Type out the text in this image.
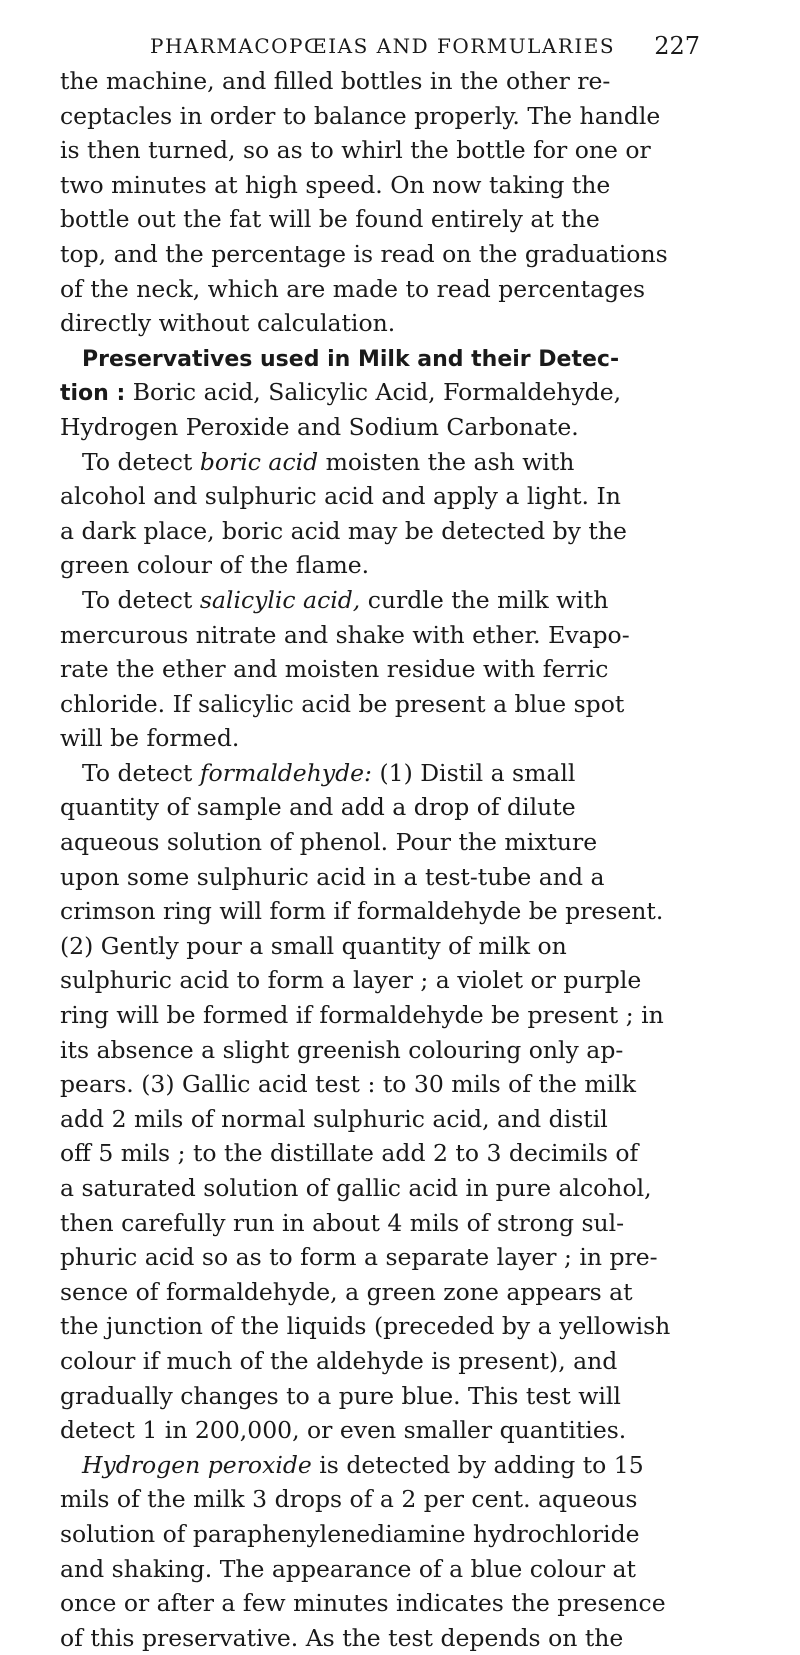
PHARMACOPŒIAS AND FORMULARIES 227
the machine, and filled bottles in the other re-
ceptacles in order to balance properly. The handle
is then turned, so as to whirl the bottle for one or
two minutes at high speed. On now taking the
bottle out the fat will be found entirely at the
top, and the percentage is read on the graduations
of the neck, which are made to read percentages
directly without calculation.
Preservatives used in Milk and their Detec-
tion : Boric acid, Salicylic Acid, Formaldehyde,
Hydrogen Peroxide and Sodium Carbonate.
To detect boric acid moisten the ash with
alcohol and sulphuric acid and apply a light. In
a dark place, boric acid may be detected by the
green colour of the flame.
To detect salicylic acid, curdle the milk with
mercurous nitrate and shake with ether. Evapo-
rate the ether and moisten residue with ferric
chloride. If salicylic acid be present a blue spot
will be formed.
To detect formaldehyde: (1) Distil a small
quantity of sample and add a drop of dilute
aqueous solution of phenol. Pour the mixture
upon some sulphuric acid in a test-tube and a
crimson ring will form if formaldehyde be present.
(2) Gently pour a small quantity of milk on
sulphuric acid to form a layer ; a violet or purple
ring will be formed if formaldehyde be present ; in
its absence a slight greenish colouring only ap-
pears. (3) Gallic acid test : to 30 mils of the milk
add 2 mils of normal sulphuric acid, and distil
off 5 mils ; to the distillate add 2 to 3 decimils of
a saturated solution of gallic acid in pure alcohol,
then carefully run in about 4 mils of strong sul-
phuric acid so as to form a separate layer ; in pre-
sence of formaldehyde, a green zone appears at
the junction of the liquids (preceded by a yellowish
colour if much of the aldehyde is present), and
gradually changes to a pure blue. This test will
detect 1 in 200,000, or even smaller quantities.
Hydrogen peroxide is detected by adding to 15
mils of the milk 3 drops of a 2 per cent. aqueous
solution of paraphenylenediamine hydrochloride
and shaking. The appearance of a blue colour at
once or after a few minutes indicates the presence
of this preservative. As the test depends on the
